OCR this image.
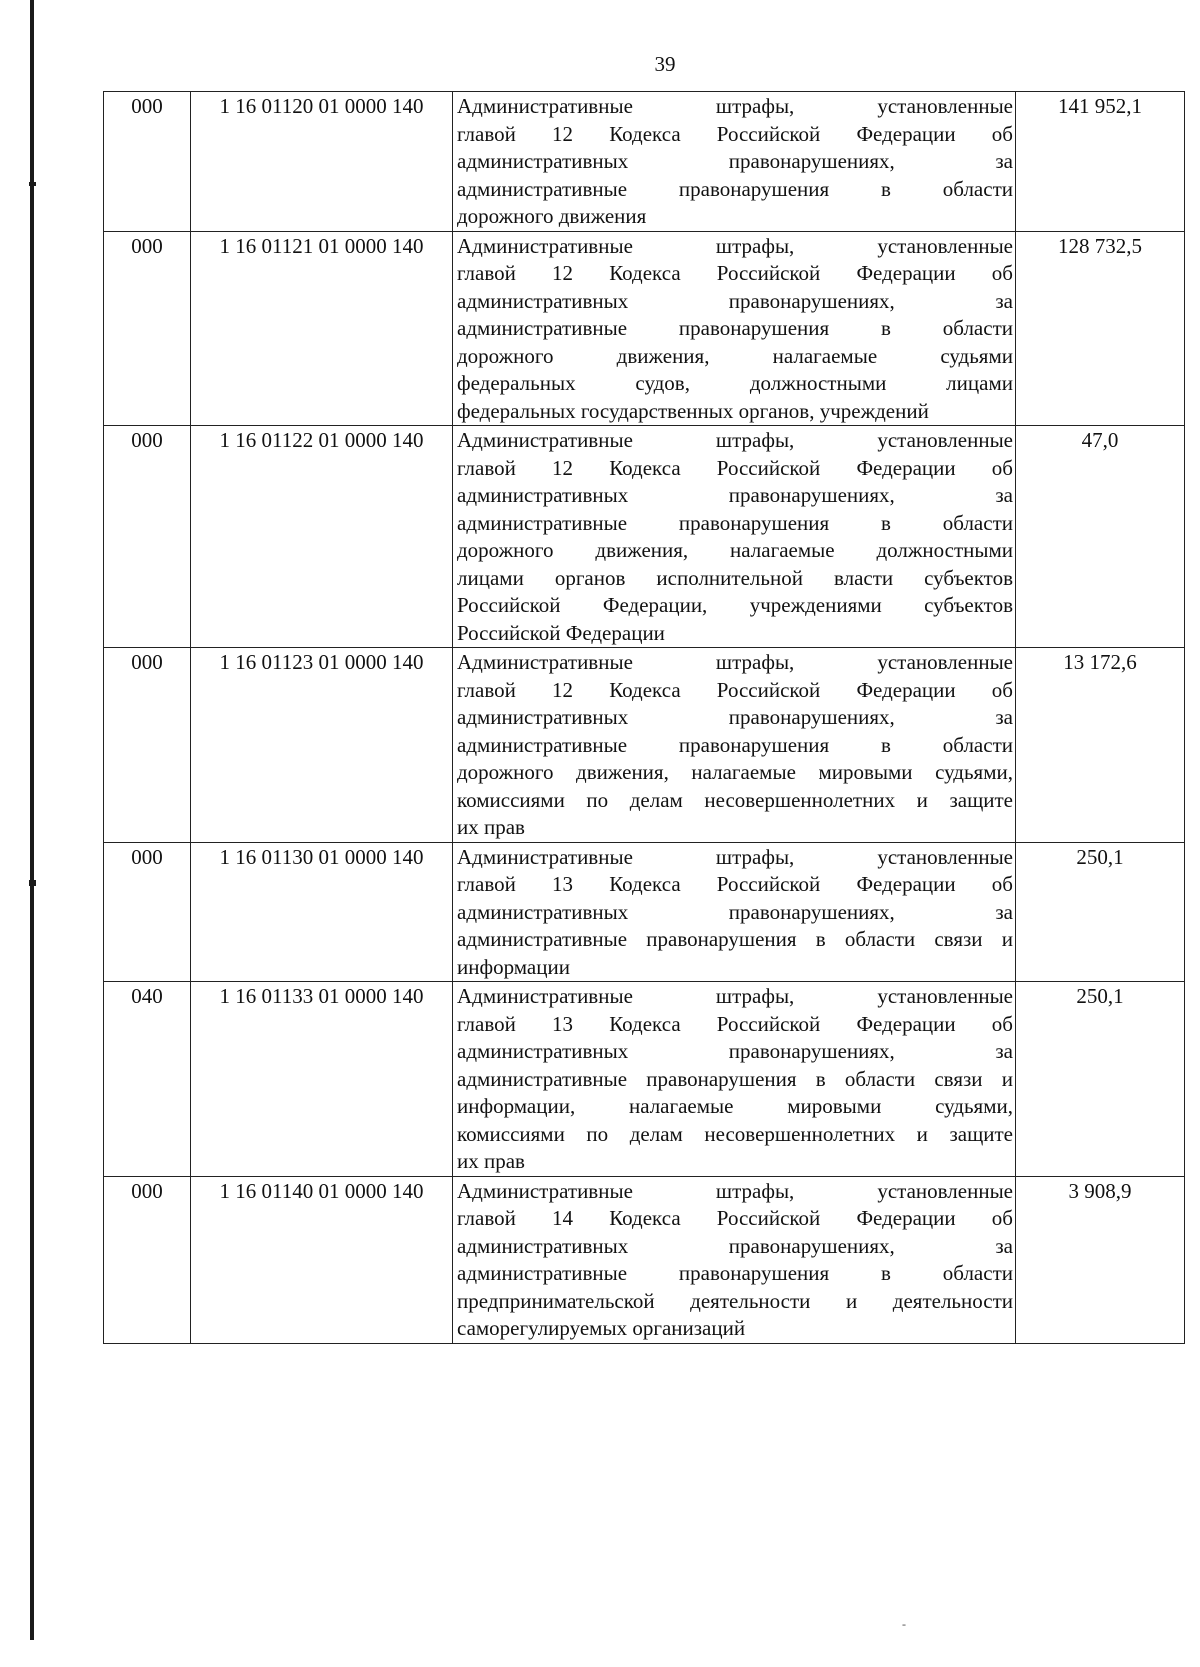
39
000	1 16 01120 01 0000 140	Административные штрафы, установленные
главой 12 Кодекса Российской Федерации об
административных правонарушениях, за
административные правонарушения в области
дорожного движения
141 952,1
000	1 16 01121 01 0000 140	Административные штрафы, установленные
главой 12 Кодекса Российской Федерации об
административных правонарушениях, за
административные правонарушения в области
дорожного движения, налагаемые судьями
федеральных судов, должностными лицами
федеральных государственных органов, учреждений
128 732,5
000	1 16 01122 01 0000 140	Административные штрафы, установленные
главой 12 Кодекса Российской Федерации об
административных правонарушениях, за
административные правонарушения в области
дорожного движения, налагаемые должностными
лицами органов исполнительной власти субъектов
Российской Федерации, учреждениями субъектов
Российской Федерации
47,0
000	1 16 01123 01 0000 140	Административные штрафы, установленные
главой 12 Кодекса Российской Федерации об
административных правонарушениях, за
административные правонарушения в области
дорожного движения, налагаемые мировыми судьями,
комиссиями по делам несовершеннолетних и защите
их прав
13 172,6
000	1 16 01130 01 0000 140	Административные штрафы, установленные
главой 13 Кодекса Российской Федерации об
административных правонарушениях, за
административные правонарушения в области связи и
информации
250,1
040	1 16 01133 01 0000 140	Административные штрафы, установленные
главой 13 Кодекса Российской Федерации об
административных правонарушениях, за
административные правонарушения в области связи и
информации, налагаемые мировыми судьями,
комиссиями по делам несовершеннолетних и защите
их прав
250,1
000	1 16 01140 01 0000 140	Административные штрафы, установленные
главой 14 Кодекса Российской Федерации об
административных правонарушениях, за
административные правонарушения в области
предпринимательской деятельности и деятельности
саморегулируемых организаций
3 908,9
-
